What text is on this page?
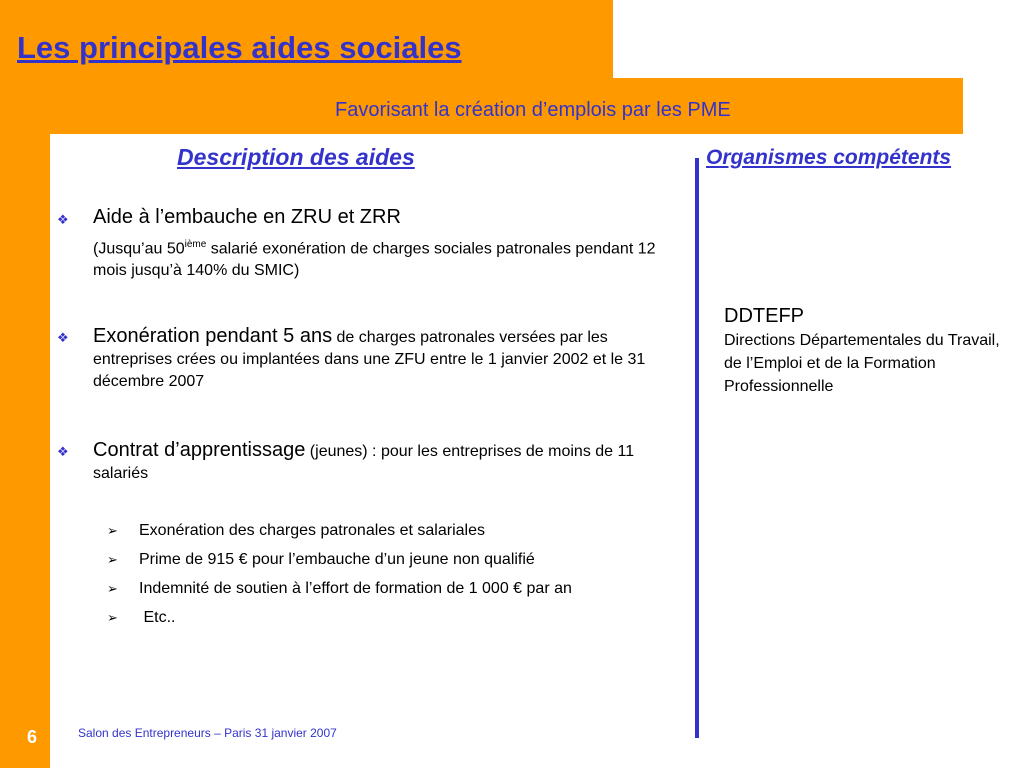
Les principales aides sociales
Favorisant la création d’emplois par les PME
Description des aides	Organismes compétents
❖ Aide à l’embauche en ZRU et ZRR
(Jusqu’au 50ième salarié exonération de charges sociales patronales pendant 12 mois jusqu’à 140% du SMIC)
❖ Exonération pendant 5 ans de charges patronales versées par les entreprises crées ou implantées dans une ZFU entre le 1 janvier 2002 et le 31 décembre 2007
❖ Contrat d’apprentissage (jeunes) : pour les entreprises de moins de 11 salariés
➢	Exonération des charges patronales et salariales
➢	Prime de 915 € pour l’embauche d’un jeune non qualifié
➢	Indemnité de soutien à l’effort de formation de 1 000 € par an
➢	Etc..
DDTEFP
Directions Départementales du Travail, de l’Emploi et de la Formation Professionnelle
6	Salon des Entrepreneurs – Paris 31 janvier 2007
